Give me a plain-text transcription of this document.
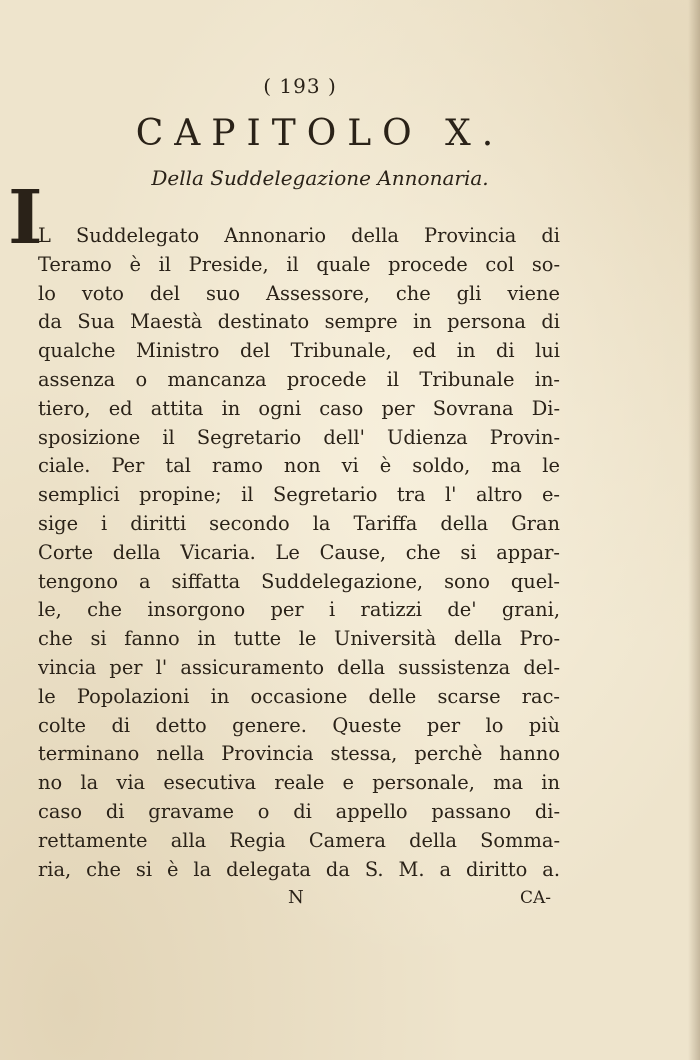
( 193 )
CAPITOLO X.
Della Suddelegazione Annonaria.
I
L Suddelegato Annonario della Provincia di
Teramo è il Preside, il quale procede col so-
lo voto del suo Assessore, che gli viene
da Sua Maestà destinato sempre in persona di
qualche Ministro del Tribunale, ed in di lui
assenza o mancanza procede il Tribunale in-
tiero, ed attita in ogni caso per Sovrana Di-
sposizione il Segretario dell' Udienza Provin-
ciale. Per tal ramo non vi è soldo, ma le
semplici propine; il Segretario tra l' altro e-
sige i diritti secondo la Tariffa della Gran
Corte della Vicaria. Le Cause, che si appar-
tengono a siffatta Suddelegazione, sono quel-
le, che insorgono per i ratizzi de' grani,
che si fanno in tutte le Università della Pro-
vincia per l' assicuramento della sussistenza del-
le Popolazioni in occasione delle scarse rac-
colte di detto genere. Queste per lo più
terminano nella Provincia stessa, perchè hanno
no la via esecutiva reale e personale, ma in
caso di gravame o di appello passano di-
rettamente alla Regia Camera della Somma-
ria, che si è la delegata da S. M. a diritto a.
N	CA-
